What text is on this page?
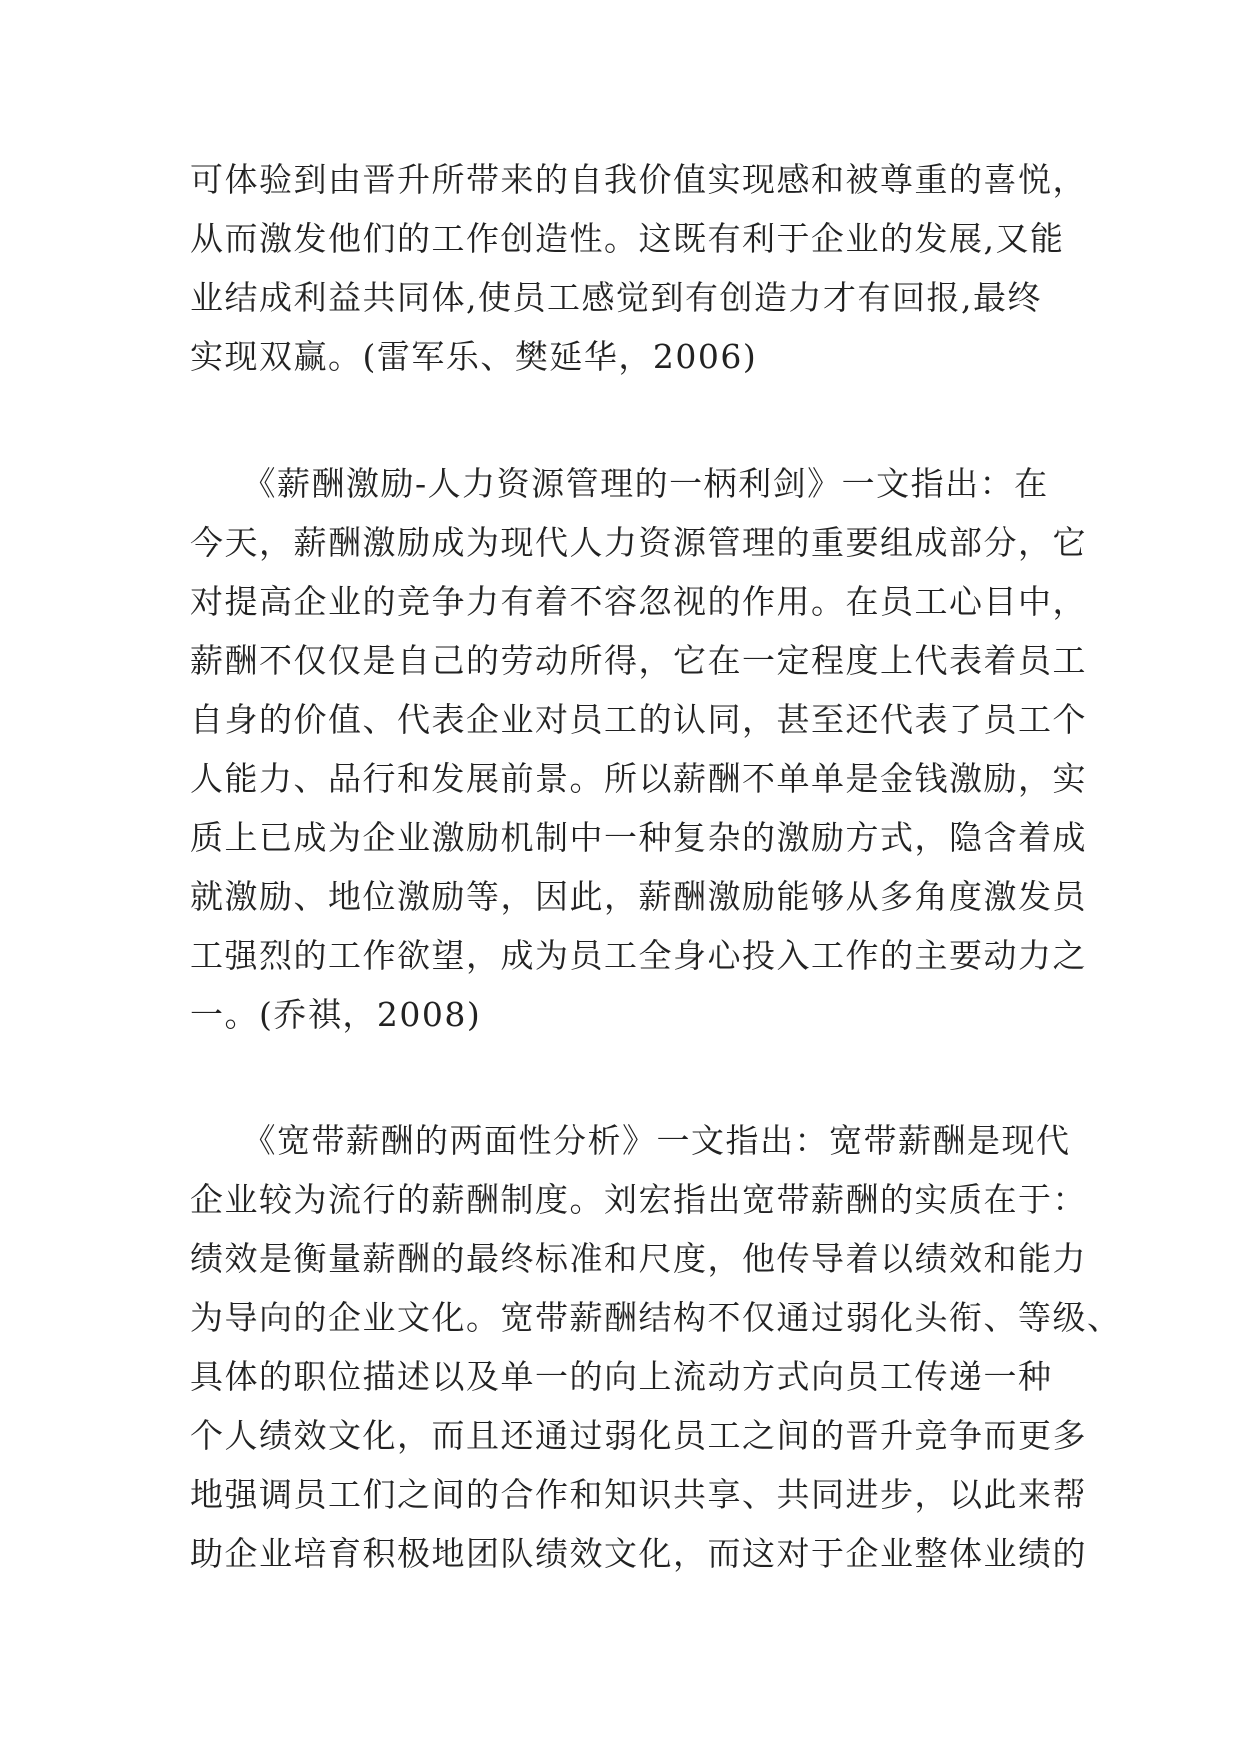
可体验到由晋升所带来的自我价值实现感和被尊重的喜悦，
从而激发他们的工作创造性。这既有利于企业的发展,又能
业结成利益共同体,使员工感觉到有创造力才有回报,最终
实现双赢。(雷军乐、樊延华，2006)
　　《薪酬激励-人力资源管理的一柄利剑》一文指出：在
今天，薪酬激励成为现代人力资源管理的重要组成部分，它
对提高企业的竞争力有着不容忽视的作用。在员工心目中，
薪酬不仅仅是自己的劳动所得，它在一定程度上代表着员工
自身的价值、代表企业对员工的认同，甚至还代表了员工个
人能力、品行和发展前景。所以薪酬不单单是金钱激励，实
质上已成为企业激励机制中一种复杂的激励方式，隐含着成
就激励、地位激励等，因此，薪酬激励能够从多角度激发员
工强烈的工作欲望，成为员工全身心投入工作的主要动力之
一。(乔祺，2008)
　　《宽带薪酬的两面性分析》一文指出：宽带薪酬是现代
企业较为流行的薪酬制度。刘宏指出宽带薪酬的实质在于：
绩效是衡量薪酬的最终标准和尺度，他传导着以绩效和能力
为导向的企业文化。宽带薪酬结构不仅通过弱化头衔、等级、
具体的职位描述以及单一的向上流动方式向员工传递一种
个人绩效文化，而且还通过弱化员工之间的晋升竞争而更多
地强调员工们之间的合作和知识共享、共同进步，以此来帮
助企业培育积极地团队绩效文化，而这对于企业整体业绩的
